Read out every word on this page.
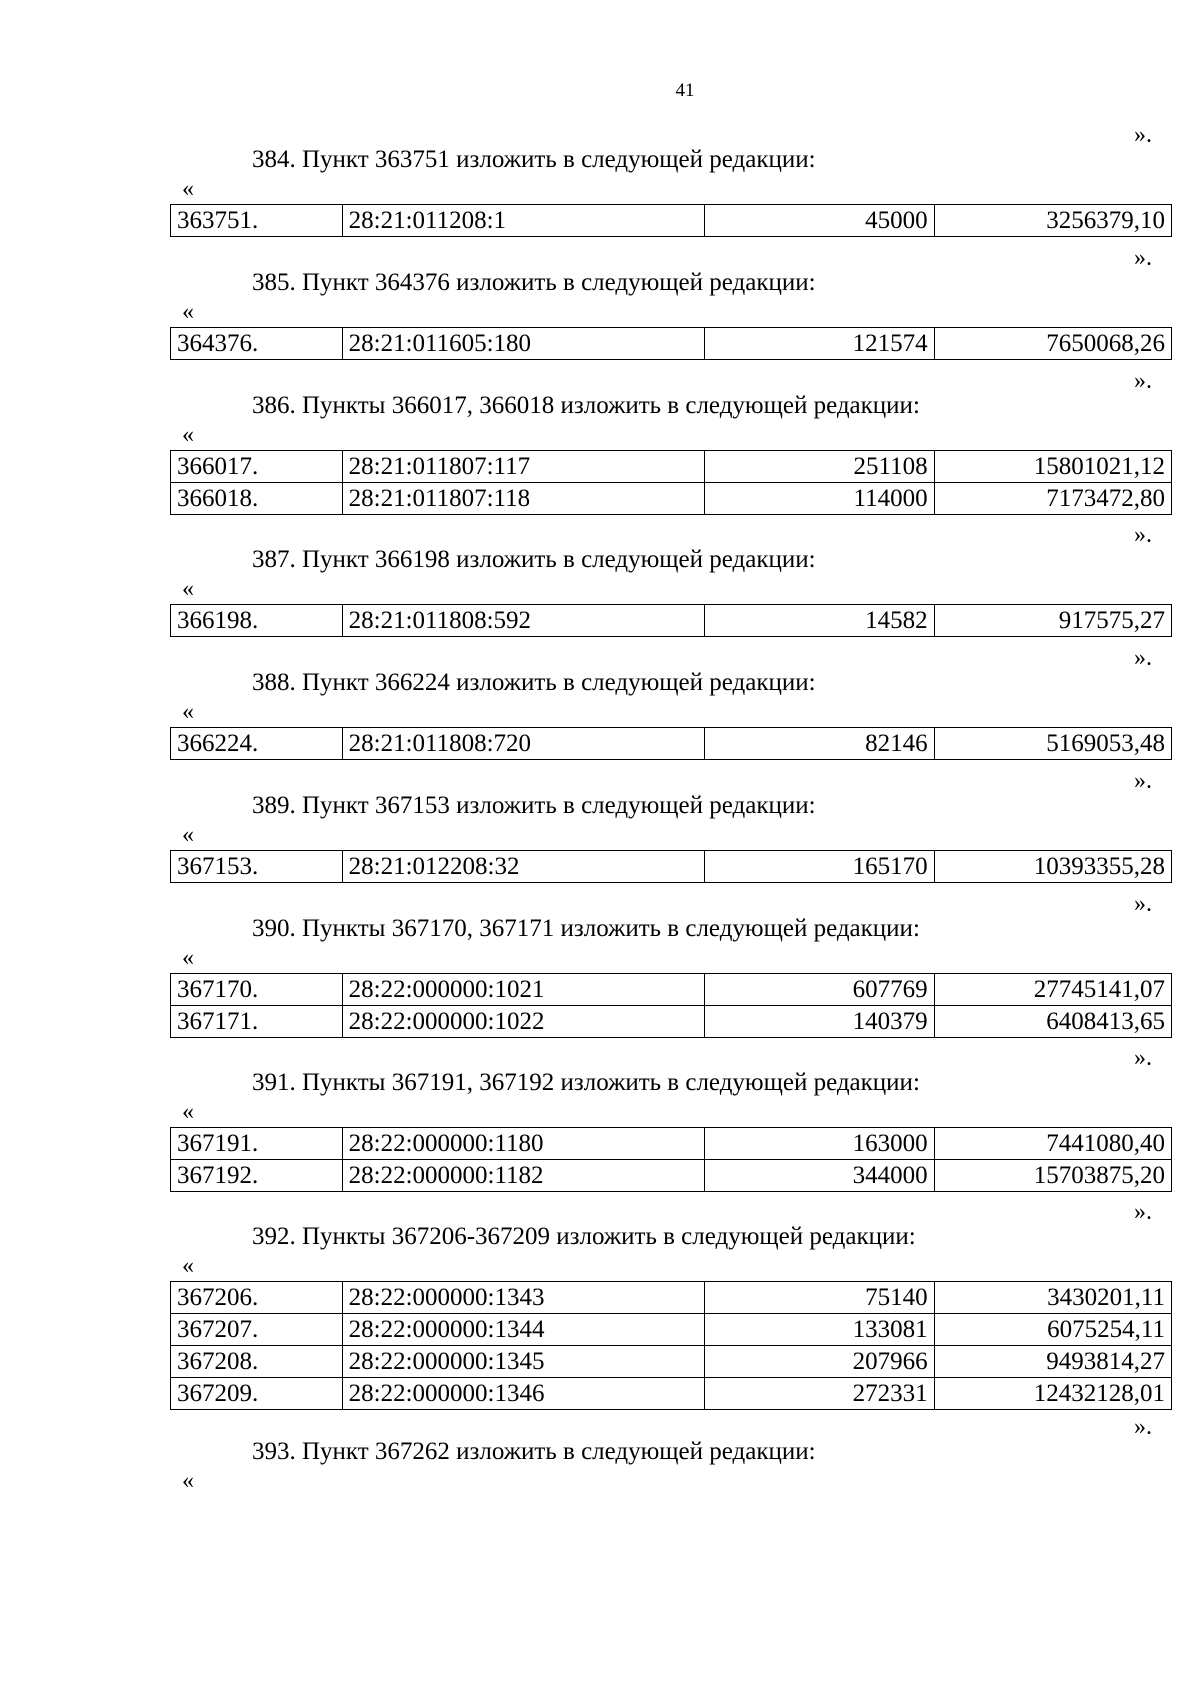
41
».
384. Пункт 363751 изложить в следующей редакции:
«
363751.	28:21:011208:1	45000	3256379,10
».
385. Пункт 364376 изложить в следующей редакции:
«
364376.	28:21:011605:180	121574	7650068,26
».
386. Пункты 366017, 366018 изложить в следующей редакции:
«
366017.	28:21:011807:117	251108	15801021,12
366018.	28:21:011807:118	114000	7173472,80
».
387. Пункт 366198 изложить в следующей редакции:
«
366198.	28:21:011808:592	14582	917575,27
».
388. Пункт 366224 изложить в следующей редакции:
«
366224.	28:21:011808:720	82146	5169053,48
».
389. Пункт 367153 изложить в следующей редакции:
«
367153.	28:21:012208:32	165170	10393355,28
».
390. Пункты 367170, 367171 изложить в следующей редакции:
«
367170.	28:22:000000:1021	607769	27745141,07
367171.	28:22:000000:1022	140379	6408413,65
».
391. Пункты 367191, 367192 изложить в следующей редакции:
«
367191.	28:22:000000:1180	163000	7441080,40
367192.	28:22:000000:1182	344000	15703875,20
».
392. Пункты 367206-367209 изложить в следующей редакции:
«
367206.	28:22:000000:1343	75140	3430201,11
367207.	28:22:000000:1344	133081	6075254,11
367208.	28:22:000000:1345	207966	9493814,27
367209.	28:22:000000:1346	272331	12432128,01
».
393. Пункт 367262 изложить в следующей редакции:
«
